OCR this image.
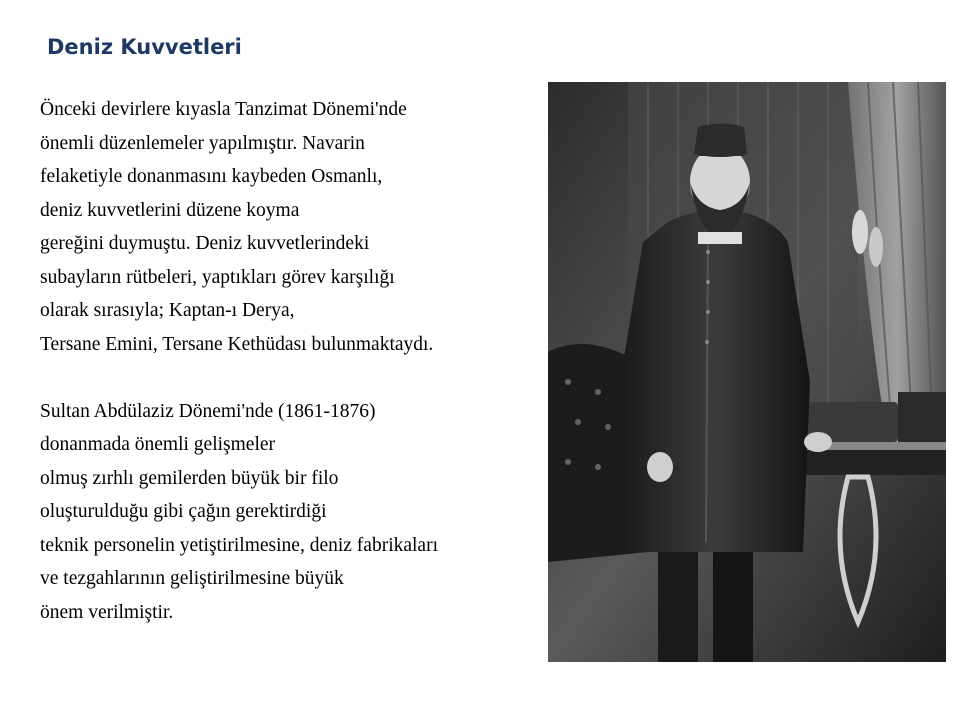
Deniz Kuvvetleri

Önceki devirlere kıyasla Tanzimat Dönemi'nde
önemli düzenlemeler yapılmıştır. Navarin
felaketiyle donanmasını kaybeden Osmanlı,
deniz kuvvetlerini düzene koyma
gereğini duymuştu. Deniz kuvvetlerindeki
subayların rütbeleri, yaptıkları görev karşılığı
olarak sırasıyla; Kaptan-ı Derya,
Tersane Emini, Tersane Kethüdası bulunmaktaydı.

Sultan Abdülaziz Dönemi'nde (1861-1876)
donanmada önemli gelişmeler
olmuş zırhlı gemilerden büyük bir filo
oluşturulduğu gibi çağın gerektirdiği
teknik personelin yetiştirilmesine, deniz fabrikaları
ve tezgahlarının geliştirilmesine büyük
önem verilmiştir.
